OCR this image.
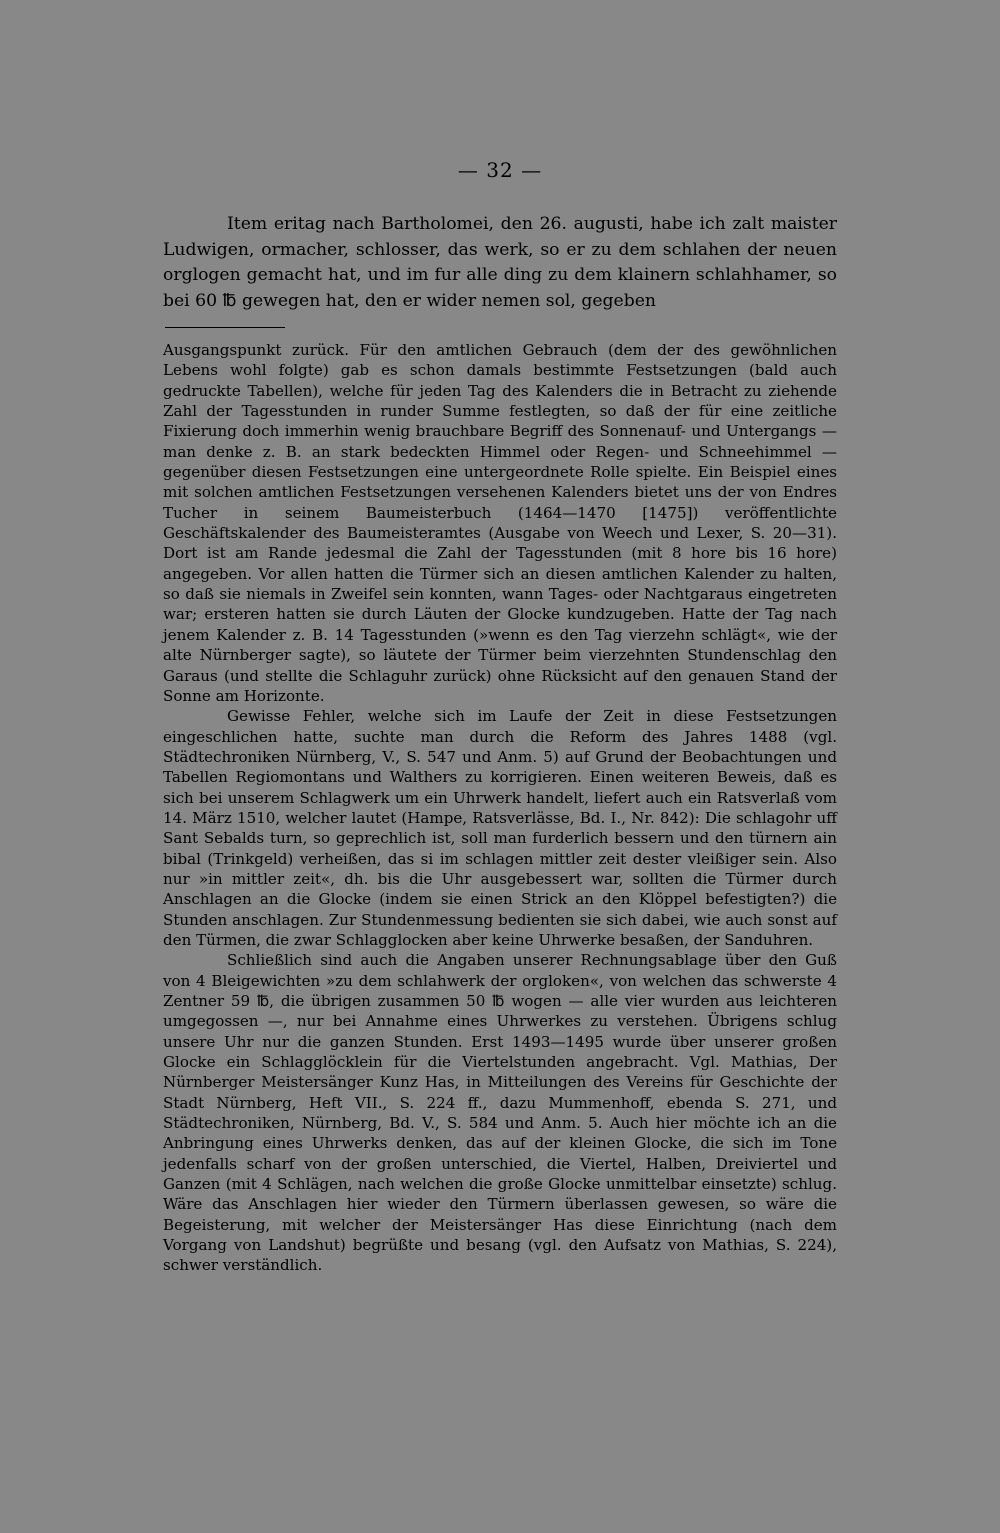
— 32 —

Item eritag nach Bartholomei, den 26. augusti, habe ich zalt maister Ludwigen, ormacher, schlosser, das werk, so er zu dem schlahen der neuen orglogen gemacht hat, und im fur alle ding zu dem klainern schlahhamer, so bei 60 ℔ gewegen hat, den er wider nemen sol, gegeben

Ausgangspunkt zurück. Für den amtlichen Gebrauch (dem der des gewöhnlichen Lebens wohl folgte) gab es schon damals bestimmte Festsetzungen (bald auch gedruckte Tabellen), welche für jeden Tag des Kalenders die in Betracht zu ziehende Zahl der Tagesstunden in runder Summe festlegten, so daß der für eine zeitliche Fixierung doch immerhin wenig brauchbare Begriff des Sonnenauf- und Untergangs — man denke z. B. an stark bedeckten Himmel oder Regen- und Schneehimmel — gegenüber diesen Festsetzungen eine untergeordnete Rolle spielte. Ein Beispiel eines mit solchen amtlichen Festsetzungen versehenen Kalenders bietet uns der von Endres Tucher in seinem Baumeisterbuch (1464—1470 [1475]) veröffentlichte Geschäftskalender des Baumeisteramtes (Ausgabe von Weech und Lexer, S. 20—31). Dort ist am Rande jedesmal die Zahl der Tagesstunden (mit 8 hore bis 16 hore) angegeben. Vor allen hatten die Türmer sich an diesen amtlichen Kalender zu halten, so daß sie niemals in Zweifel sein konnten, wann Tages- oder Nachtgaraus eingetreten war; ersteren hatten sie durch Läuten der Glocke kundzugeben. Hatte der Tag nach jenem Kalender z. B. 14 Tagesstunden (»wenn es den Tag vierzehn schlägt«, wie der alte Nürnberger sagte), so läutete der Türmer beim vierzehnten Stundenschlag den Garaus (und stellte die Schlaguhr zurück) ohne Rücksicht auf den genauen Stand der Sonne am Horizonte.

Gewisse Fehler, welche sich im Laufe der Zeit in diese Festsetzungen eingeschlichen hatte, suchte man durch die Reform des Jahres 1488 (vgl. Städtechroniken Nürnberg, V., S. 547 und Anm. 5) auf Grund der Beobachtungen und Tabellen Regiomontans und Walthers zu korrigieren. Einen weiteren Beweis, daß es sich bei unserem Schlagwerk um ein Uhrwerk handelt, liefert auch ein Ratsverlaß vom 14. März 1510, welcher lautet (Hampe, Ratsverlässe, Bd. I., Nr. 842): Die schlagohr uff Sant Sebalds turn, so geprechlich ist, soll man furderlich bessern und den türnern ain bibal (Trinkgeld) verheißen, das si im schlagen mittler zeit dester vleißiger sein. Also nur »in mittler zeit«, dh. bis die Uhr ausgebessert war, sollten die Türmer durch Anschlagen an die Glocke (indem sie einen Strick an den Klöppel befestigten?) die Stunden anschlagen. Zur Stundenmessung bedienten sie sich dabei, wie auch sonst auf den Türmen, die zwar Schlagglocken aber keine Uhrwerke besaßen, der Sanduhren.

Schließlich sind auch die Angaben unserer Rechnungsablage über den Guß von 4 Bleigewichten »zu dem schlahwerk der orgloken«, von welchen das schwerste 4 Zentner 59 ℔, die übrigen zusammen 50 ℔ wogen — alle vier wurden aus leichteren umgegossen —, nur bei Annahme eines Uhrwerkes zu verstehen. Übrigens schlug unsere Uhr nur die ganzen Stunden. Erst 1493—1495 wurde über unserer großen Glocke ein Schlagglöcklein für die Viertelstunden angebracht. Vgl. Mathias, Der Nürnberger Meistersänger Kunz Has, in Mitteilungen des Vereins für Geschichte der Stadt Nürnberg, Heft VII., S. 224 ff., dazu Mummenhoff, ebenda S. 271, und Städtechroniken, Nürnberg, Bd. V., S. 584 und Anm. 5. Auch hier möchte ich an die Anbringung eines Uhrwerks denken, das auf der kleinen Glocke, die sich im Tone jedenfalls scharf von der großen unterschied, die Viertel, Halben, Dreiviertel und Ganzen (mit 4 Schlägen, nach welchen die große Glocke unmittelbar einsetzte) schlug. Wäre das Anschlagen hier wieder den Türmern überlassen gewesen, so wäre die Begeisterung, mit welcher der Meistersänger Has diese Einrichtung (nach dem Vorgang von Landshut) begrüßte und besang (vgl. den Aufsatz von Mathias, S. 224), schwer verständlich.
